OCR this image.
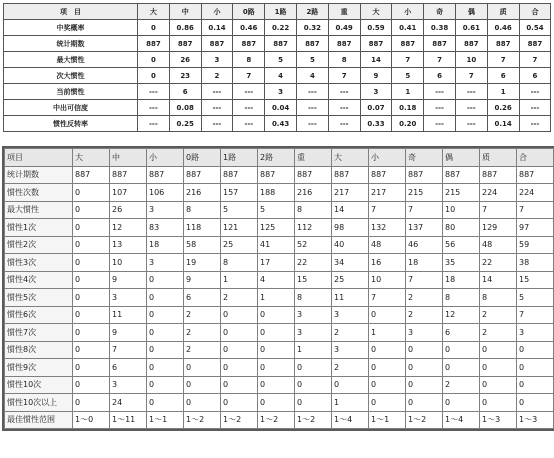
项　目	大	中	小	0路	1路	2路	重	大	小	奇	偶	质	合
中奖概率	0	0.86	0.14	0.46	0.22	0.32	0.49	0.59	0.41	0.38	0.61	0.46	0.54
统计期数	887	887	887	887	887	887	887	887	887	887	887	887	887
最大惯性	0	26	3	8	5	5	8	14	7	7	10	7	7
次大惯性	0	23	2	7	4	4	7	9	5	6	7	6	6
当前惯性	---	6	---	---	3	---	---	3	1	---	---	1	---
中出可信度	---	0.08	---	---	0.04	---	---	0.07	0.18	---	---	0.26	---
惯性反转率	---	0.25	---	---	0.43	---	---	0.33	0.20	---	---	0.14	---
项目	大	中	小	0路	1路	2路	重	大	小	奇	偶	质	合
统计期数	887	887	887	887	887	887	887	887	887	887	887	887	887
惯性次数	0	107	106	216	157	188	216	217	217	215	215	224	224
最大惯性	0	26	3	8	5	5	8	14	7	7	10	7	7
惯性1次	0	12	83	118	121	125	112	98	132	137	80	129	97
惯性2次	0	13	18	58	25	41	52	40	48	46	56	48	59
惯性3次	0	10	3	19	8	17	22	34	16	18	35	22	38
惯性4次	0	9	0	9	1	4	15	25	10	7	18	14	15
惯性5次	0	3	0	6	2	1	8	11	7	2	8	8	5
惯性6次	0	11	0	2	0	0	3	3	0	2	12	2	7
惯性7次	0	9	0	2	0	0	3	2	1	3	6	2	3
惯性8次	0	7	0	2	0	0	1	3	0	0	0	0	0
惯性9次	0	6	0	0	0	0	0	2	0	0	0	0	0
惯性10次	0	3	0	0	0	0	0	0	0	0	2	0	0
惯性10次以上	0	24	0	0	0	0	0	1	0	0	0	0	0
最佳惯性范围	1～0	1～11	1～1	1～2	1～2	1～2	1～2	1～4	1～1	1～2	1～4	1～3	1～3
